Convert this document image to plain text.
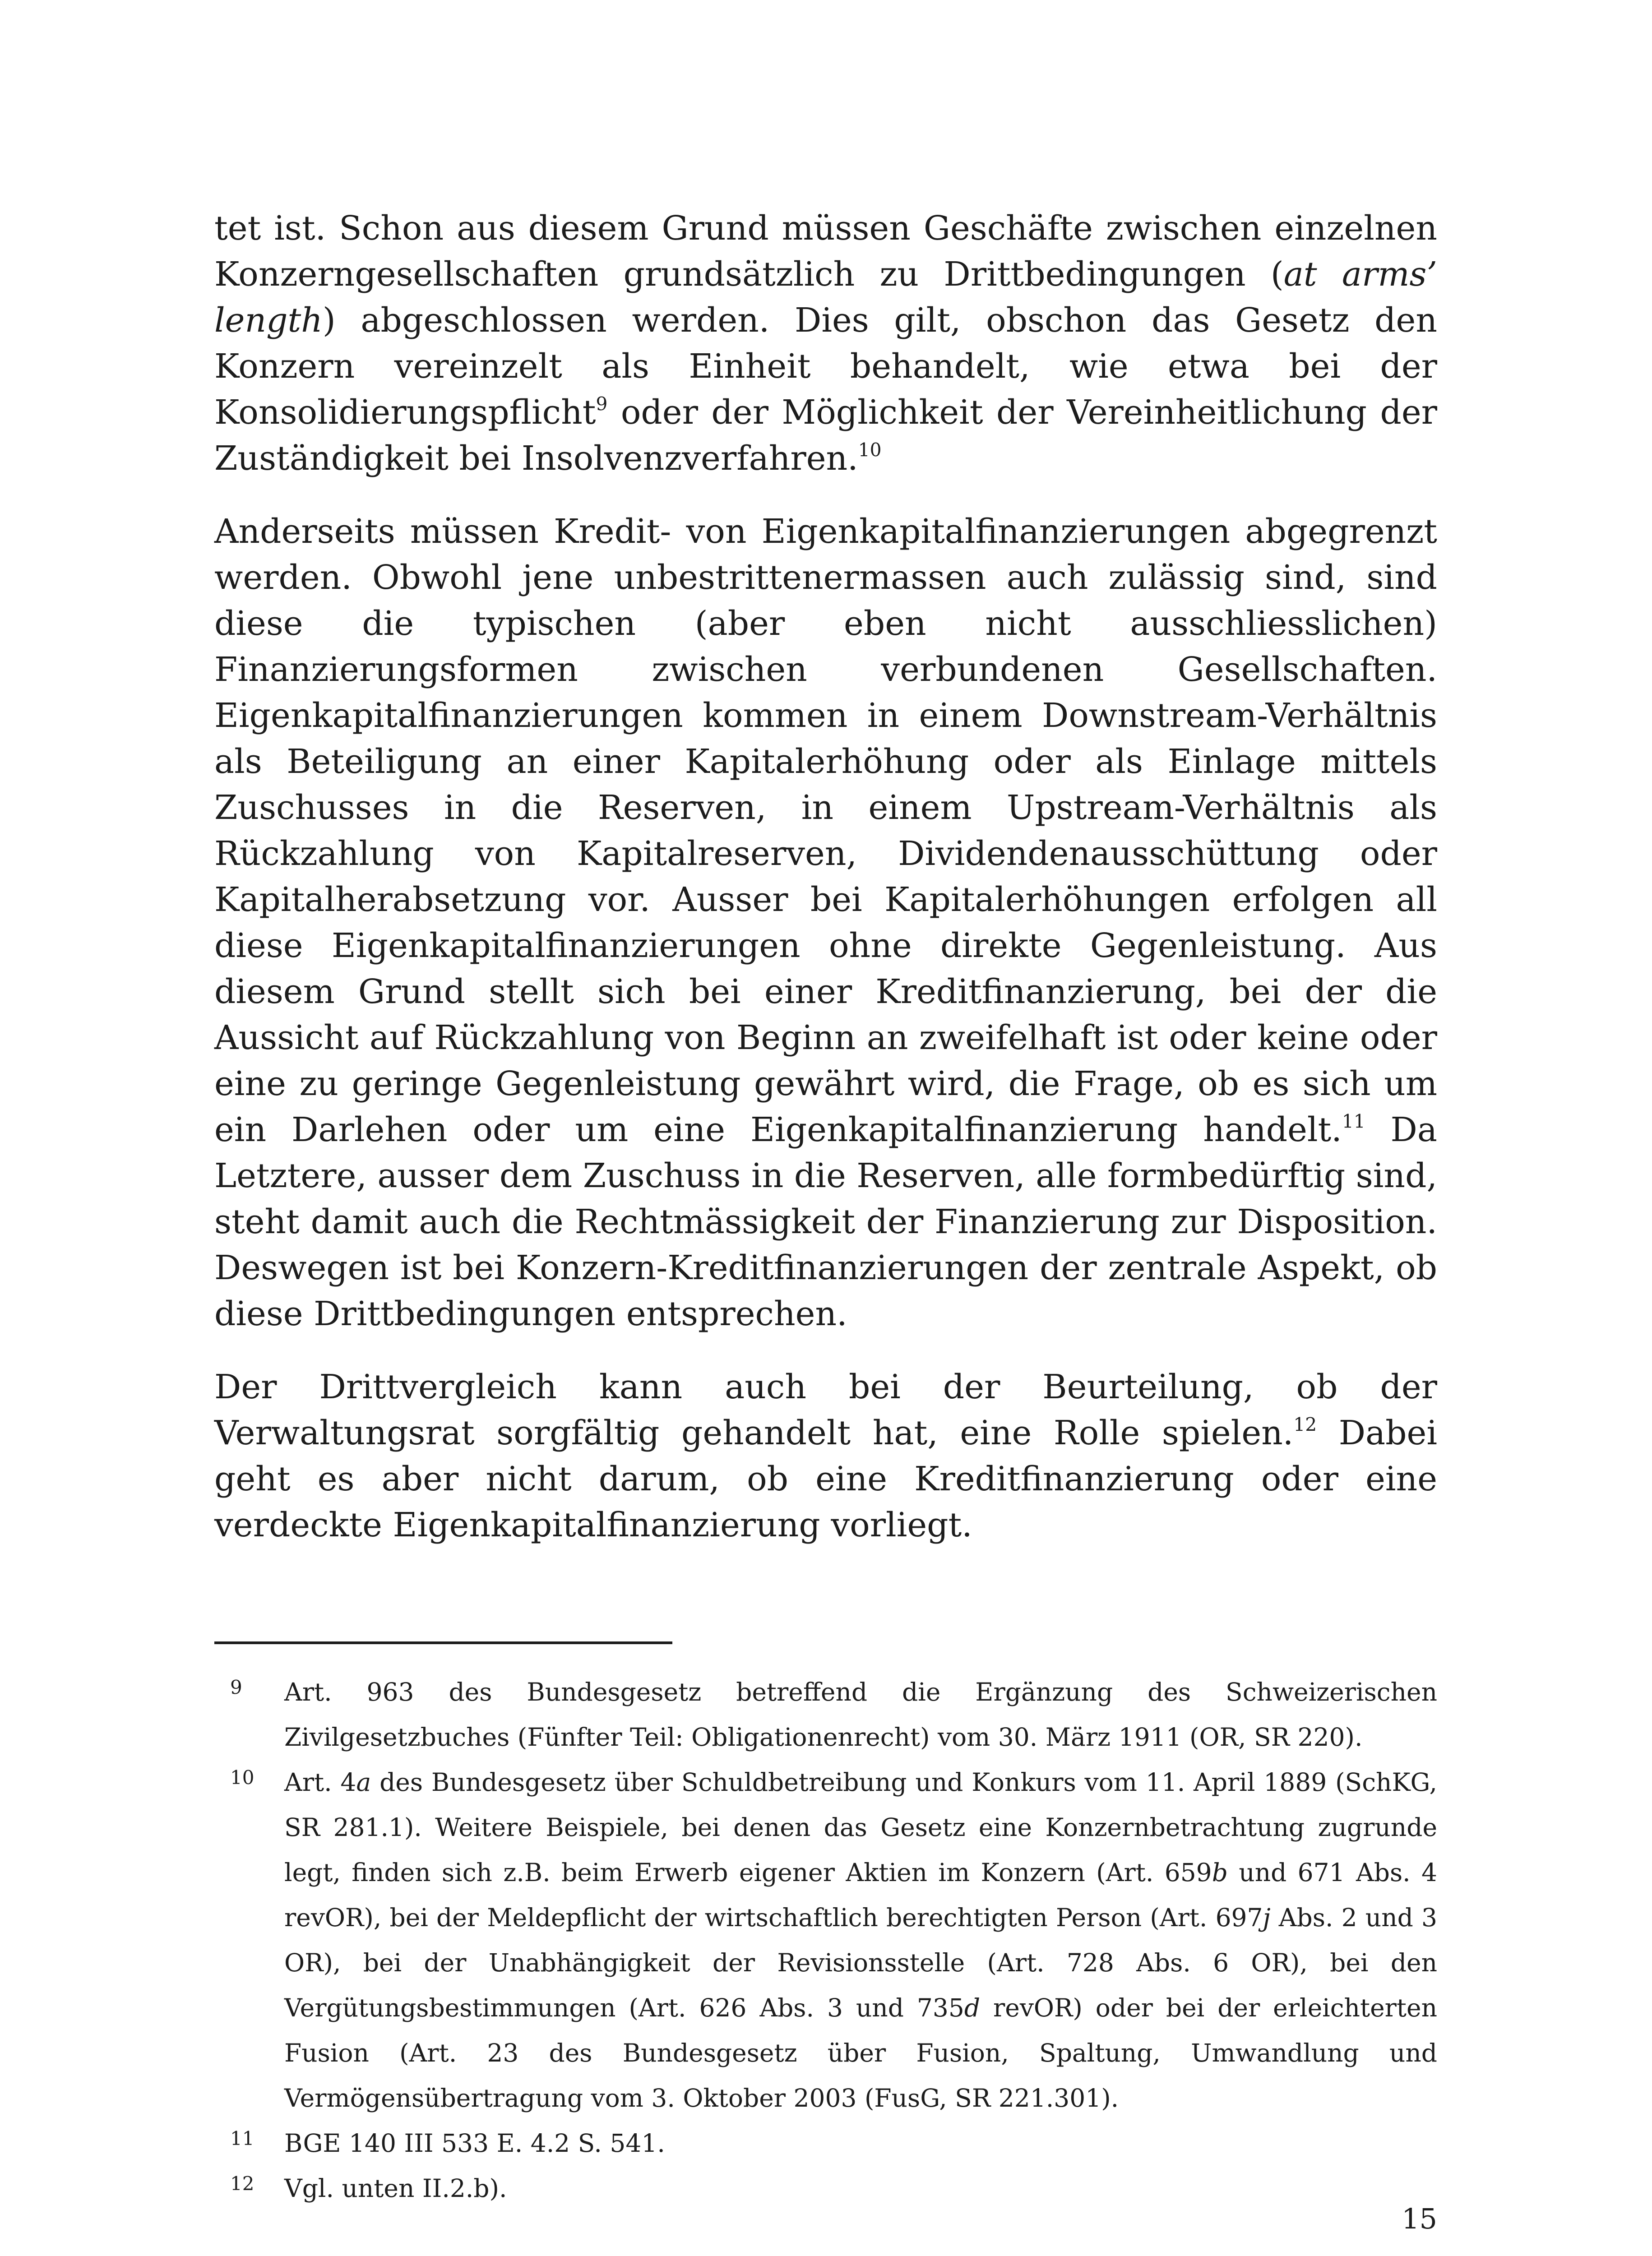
tet ist. Schon aus diesem Grund müssen Geschäfte zwischen einzelnen Konzerngesellschaften grundsätzlich zu Drittbedingungen (at arms’ length) abgeschlossen werden. Dies gilt, obschon das Gesetz den Konzern vereinzelt als Einheit behandelt, wie etwa bei der Konsolidierungspflicht$^9$ oder der Möglichkeit der Vereinheitlichung der Zuständigkeit bei Insolvenzverfahren.$^{10}$

Anderseits müssen Kredit- von Eigenkapitalfinanzierungen abgegrenzt werden. Obwohl jene unbestrittenermassen auch zulässig sind, sind diese die typischen (aber eben nicht ausschliesslichen) Finanzierungsformen zwischen verbundenen Gesellschaften. Eigenkapitalfinanzierungen kommen in einem Downstream-Verhältnis als Beteiligung an einer Kapitalerhöhung oder als Einlage mittels Zuschusses in die Reserven, in einem Upstream-Verhältnis als Rückzahlung von Kapitalreserven, Dividendenausschüttung oder Kapitalherabsetzung vor. Ausser bei Kapitalerhöhungen erfolgen all diese Eigenkapitalfinanzierungen ohne direkte Gegenleistung. Aus diesem Grund stellt sich bei einer Kreditfinanzierung, bei der die Aussicht auf Rückzahlung von Beginn an zweifelhaft ist oder keine oder eine zu geringe Gegenleistung gewährt wird, die Frage, ob es sich um ein Darlehen oder um eine Eigenkapitalfinanzierung handelt.$^{11}$ Da Letztere, ausser dem Zuschuss in die Reserven, alle formbedürftig sind, steht damit auch die Rechtmässigkeit der Finanzierung zur Disposition. Deswegen ist bei Konzern-Kreditfinanzierungen der zentrale Aspekt, ob diese Drittbedingungen entsprechen.

Der Drittvergleich kann auch bei der Beurteilung, ob der Verwaltungsrat sorgfältig gehandelt hat, eine Rolle spielen.$^{12}$ Dabei geht es aber nicht darum, ob eine Kreditfinanzierung oder eine verdeckte Eigenkapitalfinanzierung vorliegt.

9	Art. 963 des Bundesgesetz betreffend die Ergänzung des Schweizerischen Zivilgesetzbuches (Fünfter Teil: Obligationenrecht) vom 30. März 1911 (OR, SR 220).
10	Art. 4a des Bundesgesetz über Schuldbetreibung und Konkurs vom 11. April 1889 (SchKG, SR 281.1). Weitere Beispiele, bei denen das Gesetz eine Konzernbetrachtung zugrunde legt, finden sich z.B. beim Erwerb eigener Aktien im Konzern (Art. 659b und 671 Abs. 4 revOR), bei der Meldepflicht der wirtschaftlich berechtigten Person (Art. 697j Abs. 2 und 3 OR), bei der Unabhängigkeit der Revisionsstelle (Art. 728 Abs. 6 OR), bei den Vergütungsbestimmungen (Art. 626 Abs. 3 und 735d revOR) oder bei der erleichterten Fusion (Art. 23 des Bundesgesetz über Fusion, Spaltung, Umwandlung und Vermögensübertragung vom 3. Oktober 2003 (FusG, SR 221.301).
11	BGE 140 III 533 E. 4.2 S. 541.
12	Vgl. unten II.2.b).
15
